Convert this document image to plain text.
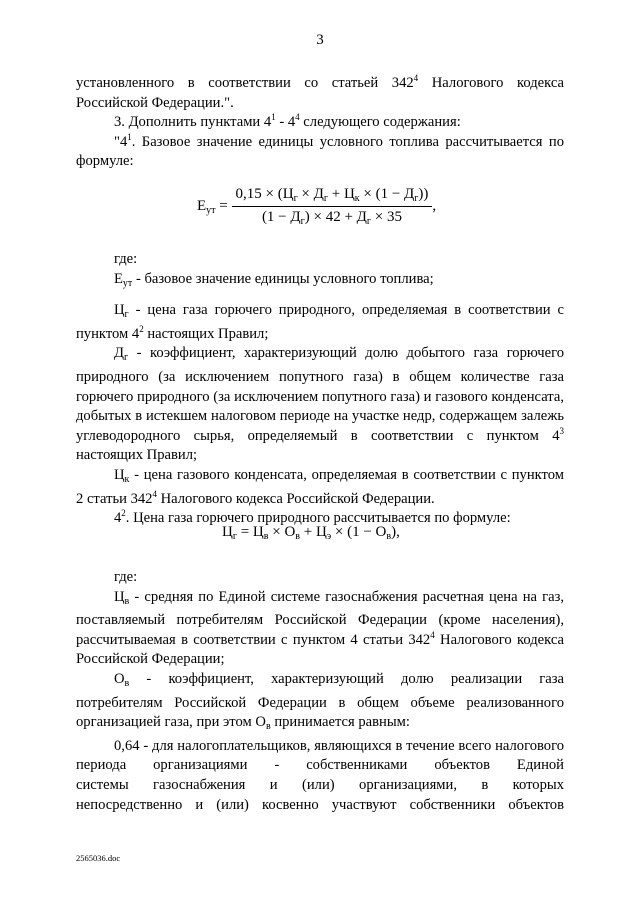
3

установленного в соответствии со статьей $342^4$ Налогового кодекса Российской Федерации.".

3. Дополнить пунктами $4^1 - 4^4$ следующего содержания:

"$4^1$. Базовое значение единицы условного топлива рассчитывается по формуле:

$Е_{ут} = \frac{0,15 \times (Ц_г \times Д_г + Ц_к \times (1 - Д_г))}{(1 - Д_г) \times 42 + Д_г \times 35}$ ,

где:

$Е_{ут}$ - базовое значение единицы условного топлива;

$Ц_г$ - цена газа горючего природного, определяемая в соответствии с пунктом $4^2$ настоящих Правил;

$Д_г$ - коэффициент, характеризующий долю добытого газа горючего природного (за исключением попутного газа) в общем количестве газа горючего природного (за исключением попутного газа) и газового конденсата, добытых в истекшем налоговом периоде на участке недр, содержащем залежь углеводородного сырья, определяемый в соответствии с пунктом $4^3$ настоящих Правил;

$Ц_к$ - цена газового конденсата, определяемая в соответствии с пунктом 2 статьи $342^4$ Налогового кодекса Российской Федерации.

$4^2$. Цена газа горючего природного рассчитывается по формуле:

$Ц_г = Ц_в \times О_в + Ц_э \times (1 - О_в)$,

где:

$Ц_в$ - средняя по Единой системе газоснабжения расчетная цена на газ, поставляемый потребителям Российской Федерации (кроме населения), рассчитываемая в соответствии с пунктом 4 статьи $342^4$ Налогового кодекса Российской Федерации;

$О_в$ - коэффициент, характеризующий долю реализации газа потребителям Российской Федерации в общем объеме реализованного организацией газа, при этом $О_в$ принимается равным:

0,64 - для налогоплательщиков, являющихся в течение всего налогового периода организациями - собственниками объектов Единой

системы газоснабжения и (или) организациями, в которых

непосредственно и (или) косвенно участвуют собственники объектов

2565036.doc
